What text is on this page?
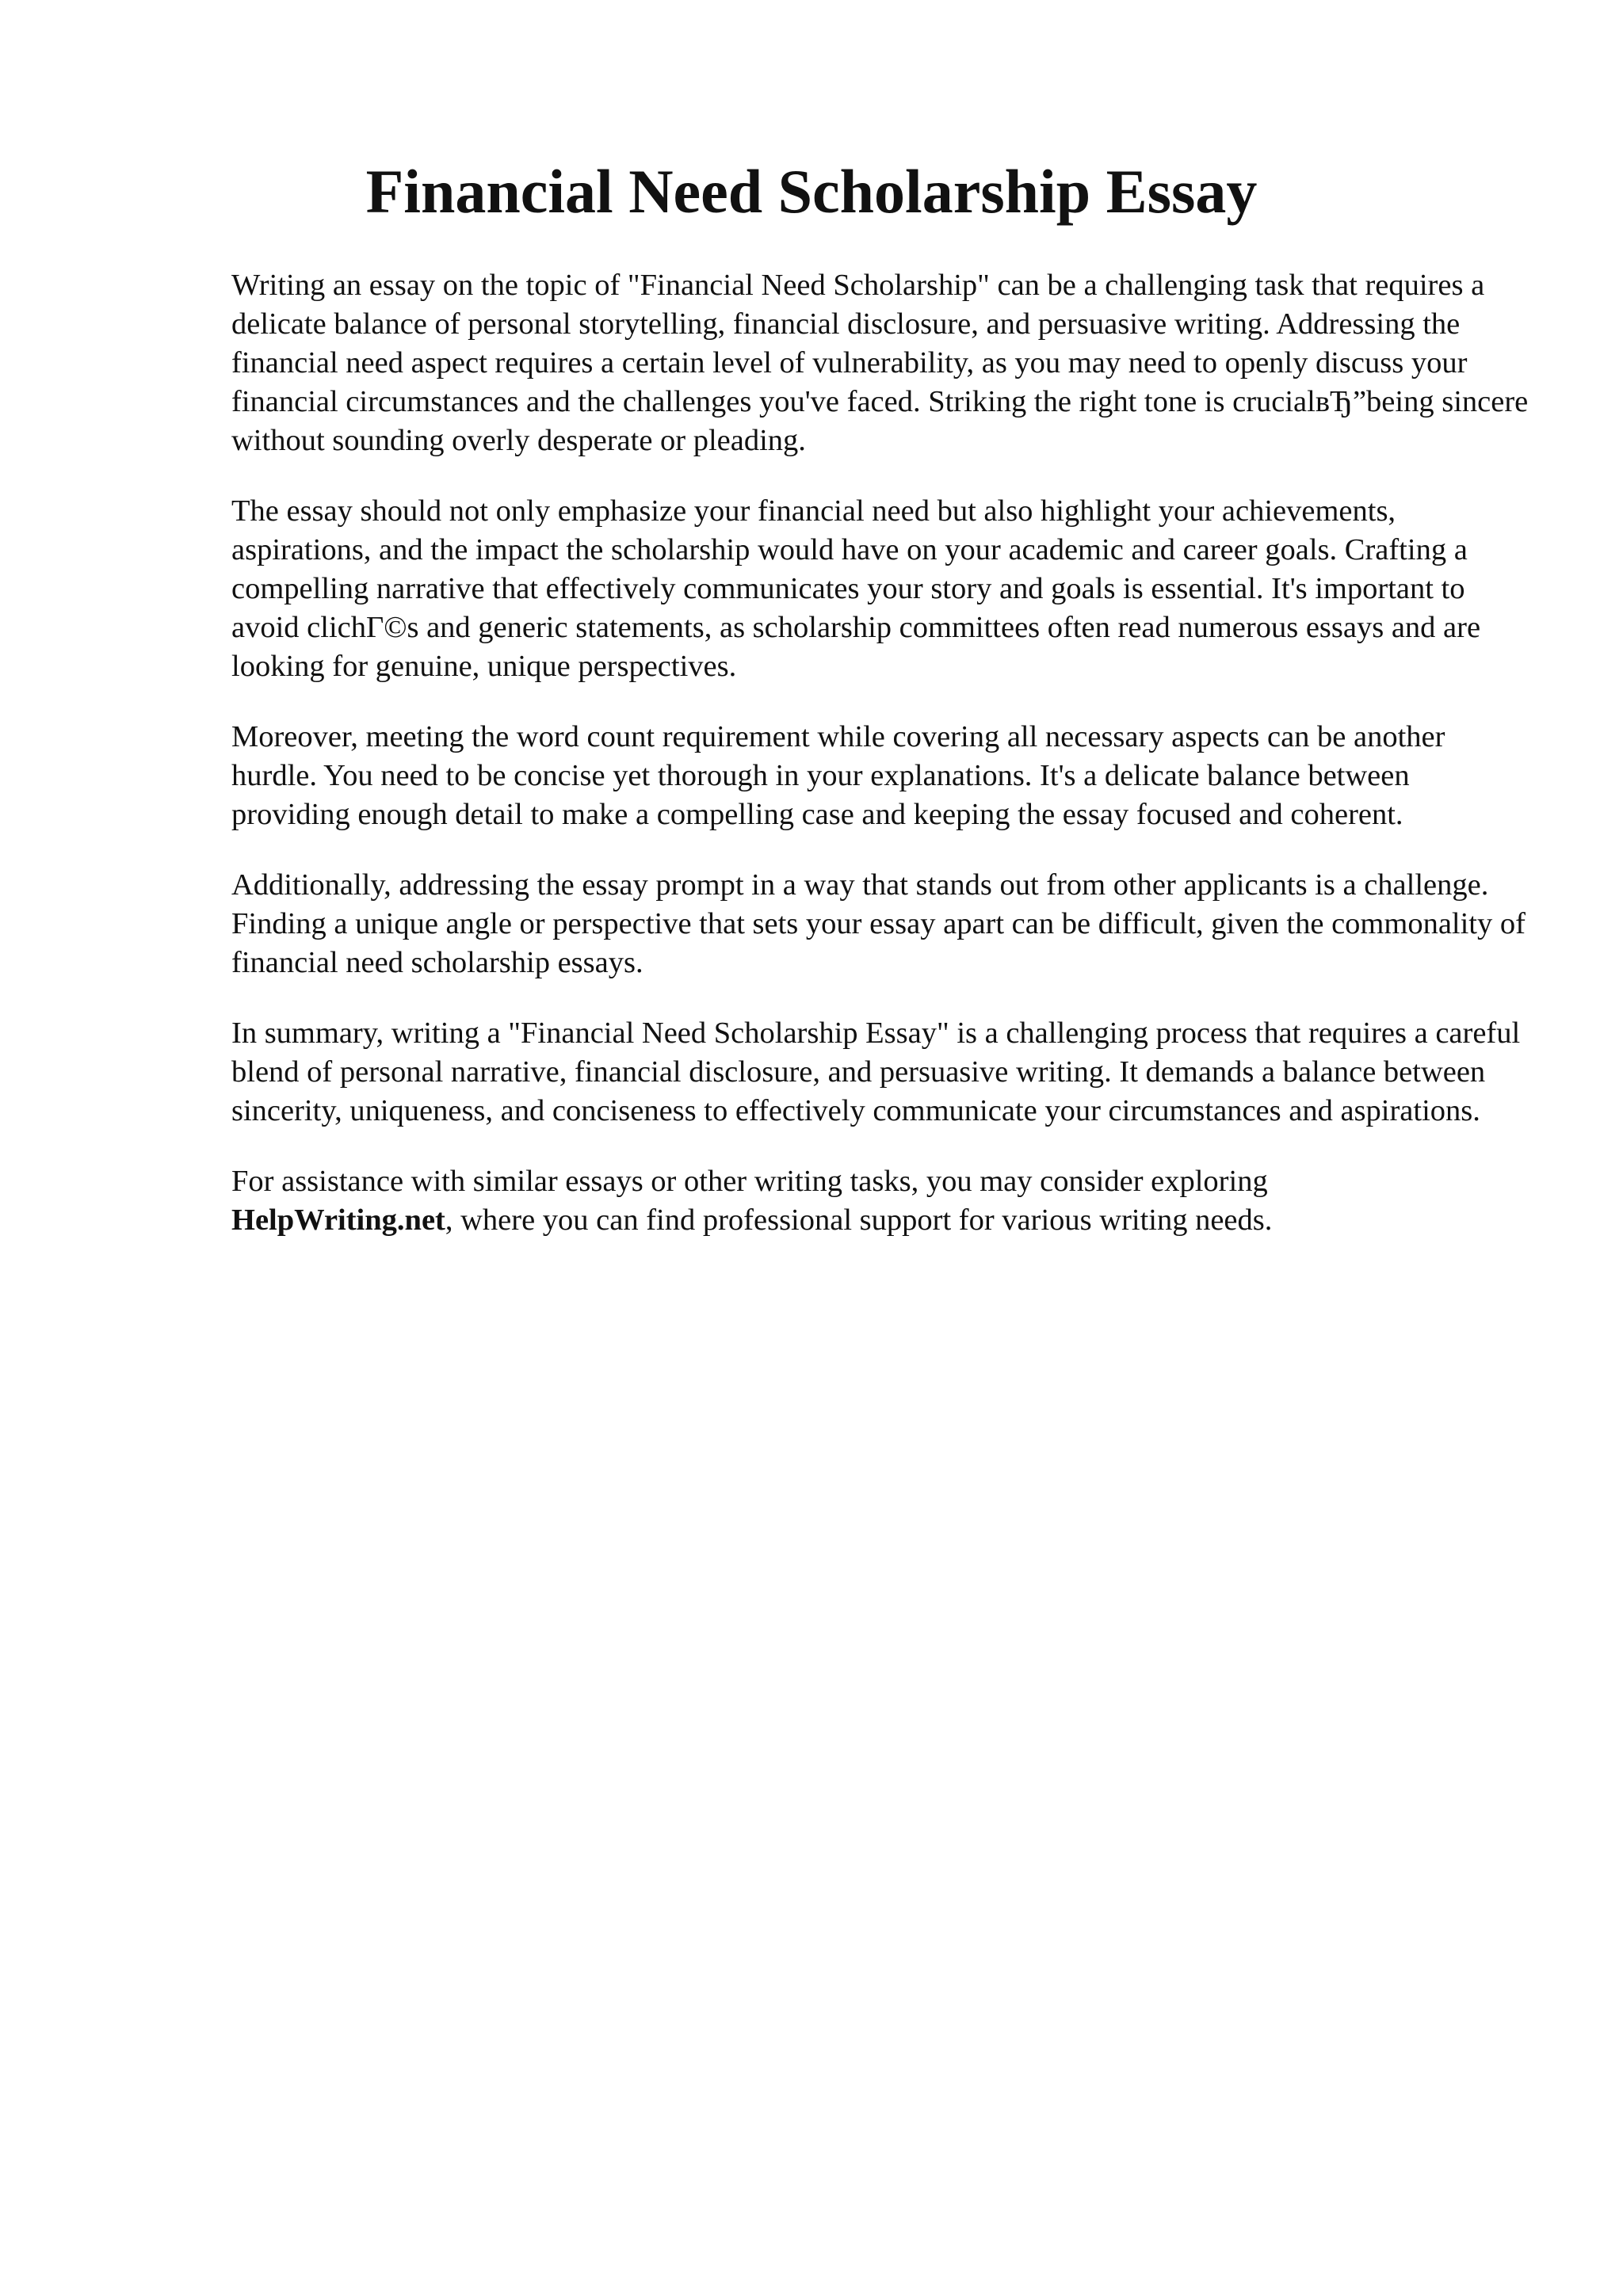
Financial Need Scholarship Essay

Writing an essay on the topic of "Financial Need Scholarship" can be a challenging task that requires a delicate balance of personal storytelling, financial disclosure, and persuasive writing. Addressing the financial need aspect requires a certain level of vulnerability, as you may need to openly discuss your financial circumstances and the challenges you've faced. Striking the right tone is crucialвЂ”being sincere without sounding overly desperate or pleading.

The essay should not only emphasize your financial need but also highlight your achievements, aspirations, and the impact the scholarship would have on your academic and career goals. Crafting a compelling narrative that effectively communicates your story and goals is essential. It's important to avoid clichГ©s and generic statements, as scholarship committees often read numerous essays and are looking for genuine, unique perspectives.

Moreover, meeting the word count requirement while covering all necessary aspects can be another hurdle. You need to be concise yet thorough in your explanations. It's a delicate balance between providing enough detail to make a compelling case and keeping the essay focused and coherent.

Additionally, addressing the essay prompt in a way that stands out from other applicants is a challenge. Finding a unique angle or perspective that sets your essay apart can be difficult, given the commonality of financial need scholarship essays.

In summary, writing a "Financial Need Scholarship Essay" is a challenging process that requires a careful blend of personal narrative, financial disclosure, and persuasive writing. It demands a balance between sincerity, uniqueness, and conciseness to effectively communicate your circumstances and aspirations.

For assistance with similar essays or other writing tasks, you may consider exploring
HelpWriting.net, where you can find professional support for various writing needs.
